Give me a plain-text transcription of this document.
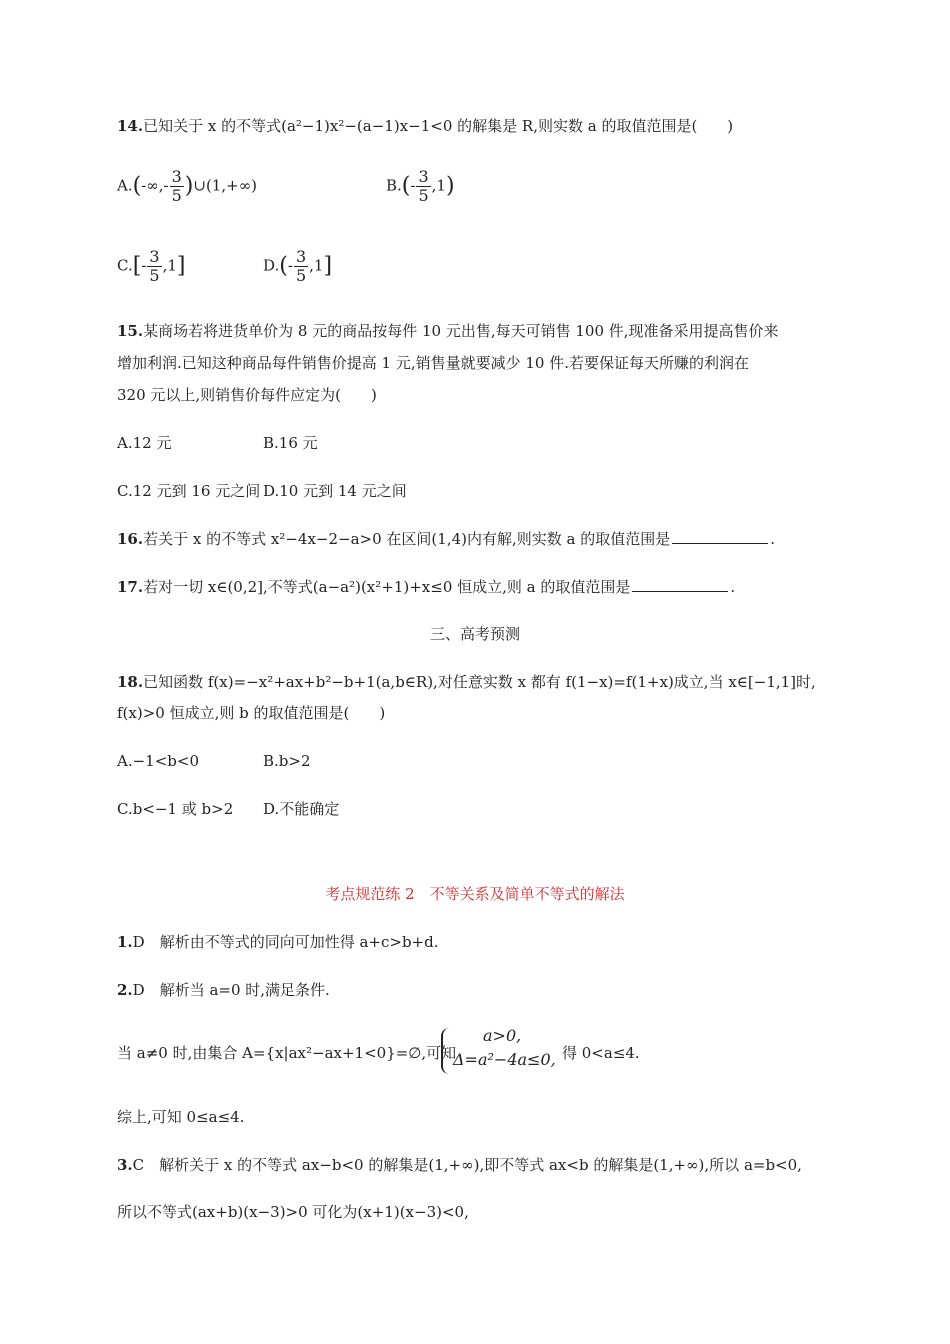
14.已知关于 x 的不等式(a²−1)x²−(a−1)x−1<0 的解集是 R,则实数 a 的取值范围是(　　)
$A.(-\infty,- \frac{3}{5}$ )∪(1,+∞)	$B.(- \frac{3}{5} ,1)$
$C.[- \frac{3}{5} ,1]$	$D.(- \frac{3}{5} ,1]$
15.某商场若将进货单价为 8 元的商品按每件 10 元出售,每天可销售 100 件,现准备采用提高售价来
增加利润.已知这种商品每件销售价提高 1 元,销售量就要减少 10 件.若要保证每天所赚的利润在
320 元以上,则销售价每件应定为(　　)
A.12 元	B.16 元
C.12 元到 16 元之间 D.10 元到 14 元之间
16.若关于 x 的不等式 x²−4x−2−a>0 在区间(1,4)内有解,则实数 a 的取值范围是	.
17.若对一切 x∈(0,2],不等式(a−a²)(x²+1)+x≤0 恒成立,则 a 的取值范围是	.
三、高考预测
18.已知函数 f(x)=−x²+ax+b²−b+1(a,b∈R),对任意实数 x 都有 f(1−x)=f(1+x)成立,当 x∈[−1,1]时,
f(x)>0 恒成立,则 b 的取值范围是(　　)
A.−1<b<0	B.b>2
C.b<−1 或 b>2 D.不能确定
考点规范练 2　不等关系及简单不等式的解法
1.D　解析由不等式的同向可加性得 a+c>b+d.
2.D　解析当 a=0 时,满足条件.
当 a≠0 时,由集合 A={x|ax²−ax+1<0}=∅,可知
a>0,
Δ=a²−4a≤0, 得 0<a≤4.
综上,可知 0≤a≤4.
3.C　解析关于 x 的不等式 ax−b<0 的解集是(1,+∞),即不等式 ax<b 的解集是(1,+∞),所以 a=b<0,
所以不等式(ax+b)(x−3)>0 可化为(x+1)(x−3)<0,
